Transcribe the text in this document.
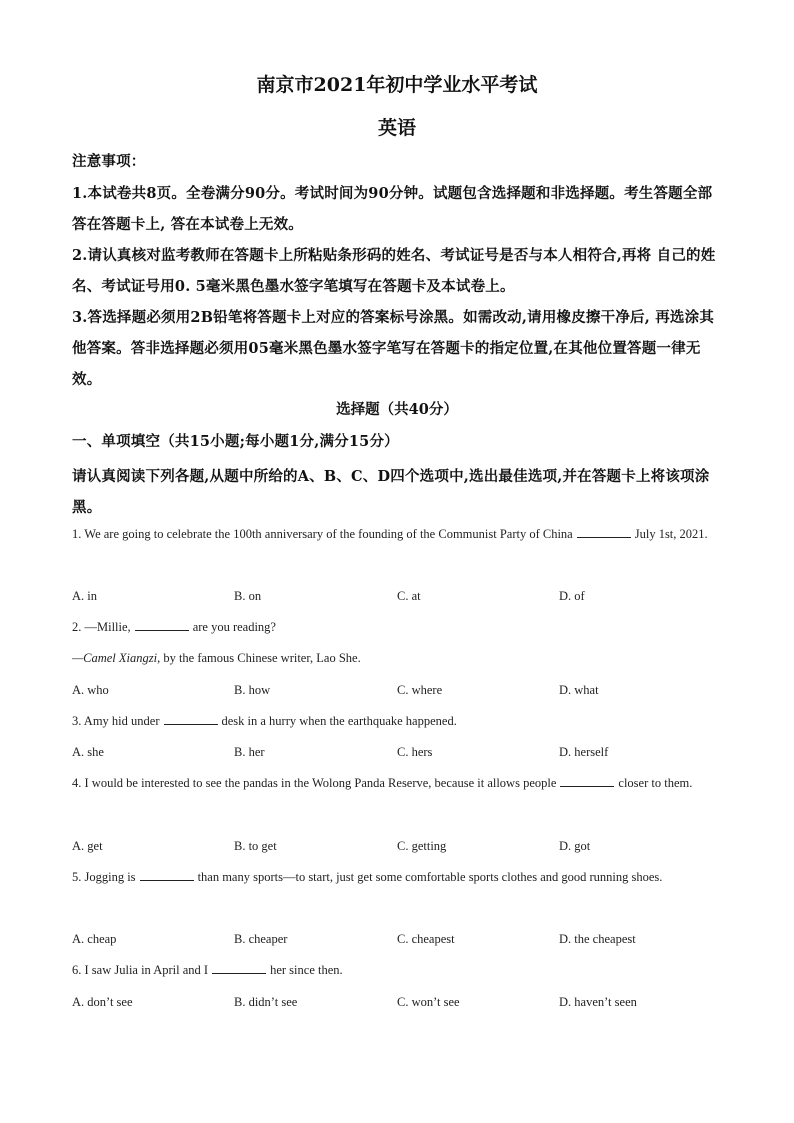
南京市2021年初中学业水平考试
英语
注意事项：

1.本试卷共8页。全卷满分90分。考试时间为90分钟。试题包含选择题和非选择题。考生答题全部答在答题卡上, 答在本试卷上无效。

2.请认真核对监考教师在答题卡上所粘贴条形码的姓名、考试证号是否与本人相符合,再将 自己的姓名、考试证号用0. 5毫米黑色墨水签字笔填写在答题卡及本试卷上。

3.答选择题必须用2B铅笔将答题卡上对应的答案标号涂黑。如需改动,请用橡皮擦干净后, 再选涂其他答案。答非选择题必须用05毫米黑色墨水签字笔写在答题卡的指定位置,在其他位置答题一律无效。

选择题（共40分）
一、单项填空（共15小题;每小题1分,满分15分）

请认真阅读下列各题,从题中所给的A、B、C、D四个选项中,选出最佳选项,并在答题卡上将该项涂黑。

1. We are going to celebrate the 100th anniversary of the founding of the Communist Party of China	July 1st, 2021.

A. in	B. on	C. at	D. of

2. —Millie,	are you reading?

—Camel Xiangzi, by the famous Chinese writer, Lao She.

A. who	B. how	C. where	D. what

3. Amy hid under	desk in a hurry when the earthquake happened.

A. she	B. her	C. hers	D. herself

4. I would be interested to see the pandas in the Wolong Panda Reserve, because it allows people	closer to them.

A. get	B. to get	C. getting	D. got

5. Jogging is	than many sports—to start, just get some comfortable sports clothes and good running shoes.

A. cheap	B. cheaper	C. cheapest	D. the cheapest

6. I saw Julia in April and I	her since then.

A. don’t see	B. didn’t see	C. won’t see	D. haven’t seen
